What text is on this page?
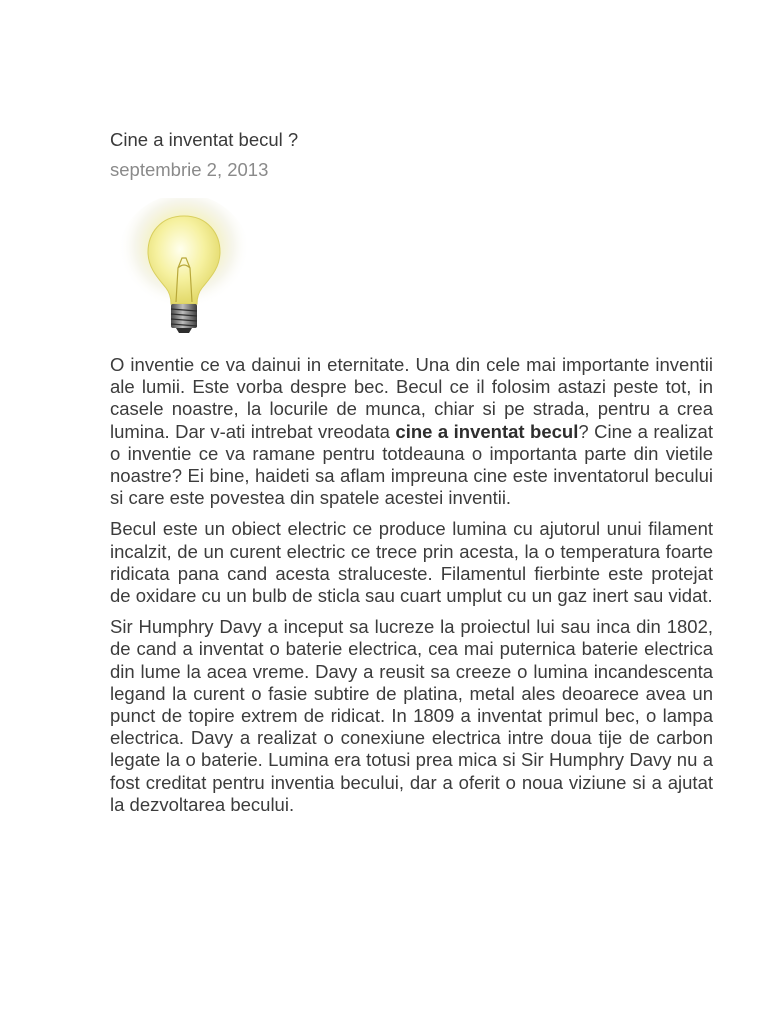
Cine a inventat becul ?
septembrie 2, 2013

O inventie ce va dainui in eternitate. Una din cele mai importante inventii ale lumii. Este vorba despre bec. Becul ce il folosim astazi peste tot, in casele noastre, la locurile de munca, chiar si pe strada, pentru a crea lumina. Dar v-ati intrebat vreodata cine a inventat becul? Cine a realizat o inventie ce va ramane pentru totdeauna o importanta parte din vietile noastre? Ei bine, haideti sa aflam impreuna cine este inventatorul becului si care este povestea din spatele acestei inventii.

Becul este un obiect electric ce produce lumina cu ajutorul unui filament incalzit, de un curent electric ce trece prin acesta, la o temperatura foarte ridicata pana cand acesta straluceste. Filamentul fierbinte este protejat de oxidare cu un bulb de sticla sau cuart umplut cu un gaz inert sau vidat.

Sir Humphry Davy a inceput sa lucreze la proiectul lui sau inca din 1802, de cand a inventat o baterie electrica, cea mai puternica baterie electrica din lume la acea vreme. Davy a reusit sa creeze o lumina incandescenta legand la curent o fasie subtire de platina, metal ales deoarece avea un punct de topire extrem de ridicat. In 1809 a inventat primul bec, o lampa electrica. Davy a realizat o conexiune electrica intre doua tije de carbon legate la o baterie. Lumina era totusi prea mica si Sir Humphry Davy nu a fost creditat pentru inventia becului, dar a oferit o noua viziune si a ajutat la dezvoltarea becului.
